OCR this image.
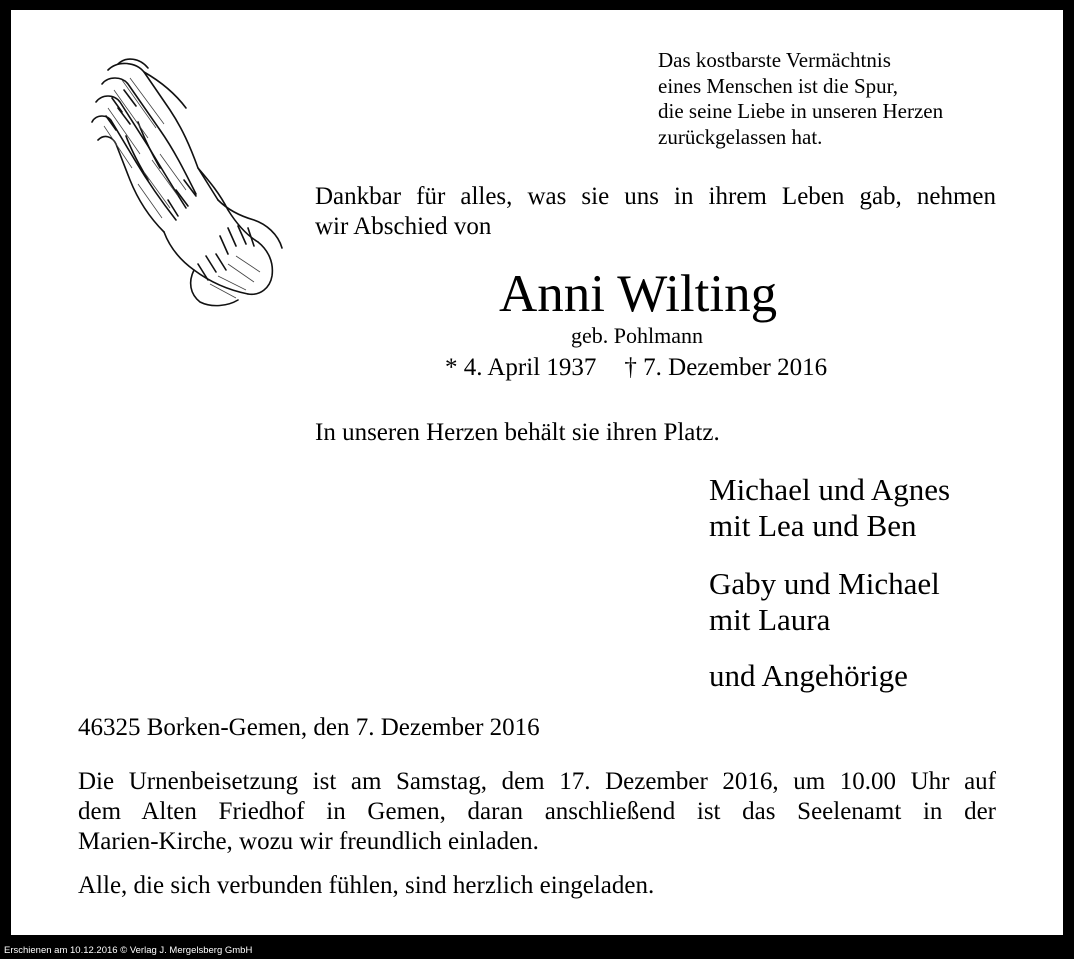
Das kostbarste Vermächtnis
eines Menschen ist die Spur,
die seine Liebe in unseren Herzen
zurückgelassen hat.
Dankbar für alles, was sie uns in ihrem Leben gab, nehmen
wir Abschied von
Anni Wilting
geb. Pohlmann
* 4. April 1937 † 7. Dezember 2016
In unseren Herzen behält sie ihren Platz.
Michael und Agnes
mit Lea und Ben
Gaby und Michael
mit Laura
und Angehörige
46325 Borken-Gemen, den 7. Dezember 2016
Die Urnenbeisetzung ist am Samstag, dem 17. Dezember 2016, um 10.00 Uhr auf
dem Alten Friedhof in Gemen, daran anschließend ist das Seelenamt in der
Marien-Kirche, wozu wir freundlich einladen.
Alle, die sich verbunden fühlen, sind herzlich eingeladen.
Erschienen am 10.12.2016 © Verlag J. Mergelsberg GmbH
